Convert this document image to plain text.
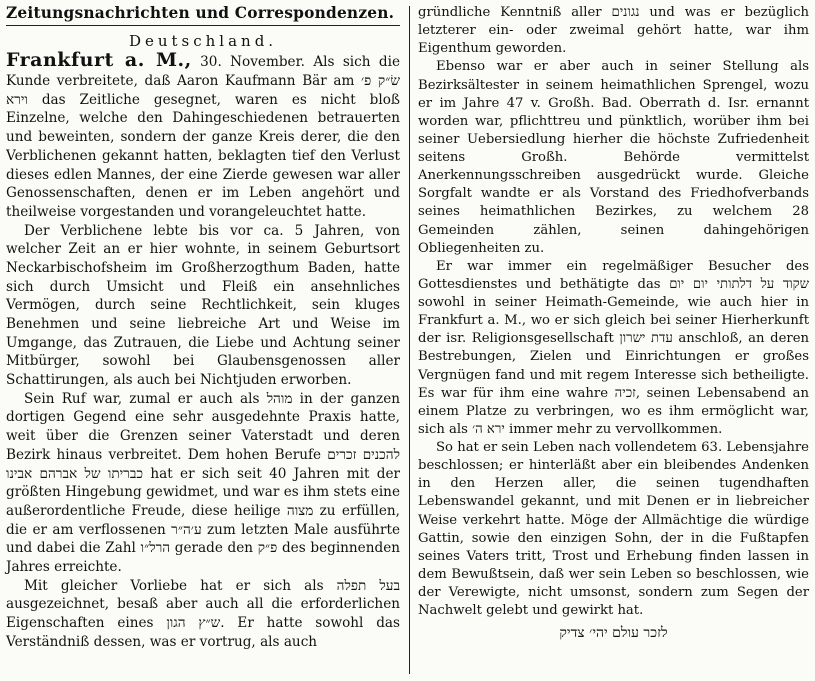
Zeitungsnachrichten und Correspondenzen.
Deutschland.

Frankfurt a. M., 30. November. Als sich die Kunde verbreitete, daß Aaron Kaufmann Bär am שׂ״ק פ׳ וירא das Zeitliche gesegnet, waren es nicht bloß Einzelne, welche den Dahingeschiedenen betrauerten und beweinten, sondern der ganze Kreis derer, die den Verblichenen gekannt hatten, beklagten tief den Verlust dieses edlen Mannes, der eine Zierde gewesen war aller Genossenschaften, denen er im Leben angehört und theilweise vorgestanden und vorangeleuchtet hatte.

Der Verblichene lebte bis vor ca. 5 Jahren, von welcher Zeit an er hier wohnte, in seinem Geburtsort Neckarbischofsheim im Großherzogthum Baden, hatte sich durch Umsicht und Fleiß ein ansehnliches Vermögen, durch seine Rechtlichkeit, sein kluges Benehmen und seine liebreiche Art und Weise im Umgange, das Zutrauen, die Liebe und Achtung seiner Mitbürger, sowohl bei Glaubensgenossen aller Schattirungen, als auch bei Nichtjuden erworben.

Sein Ruf war, zumal er auch als מוהל in der ganzen dortigen Gegend eine sehr ausgedehnte Praxis hatte, weit über die Grenzen seiner Vaterstadt und deren Bezirk hinaus verbreitet. Dem hohen Berufe להכנים זכרים כבריתו של אברהם אבינו hat er sich seit 40 Jahren mit der größten Hingebung gewidmet, und war es ihm stets eine außerordentliche Freude, diese heilige מצוה zu erfüllen, die er am verflossenen ע׳ה״ר zum letzten Male ausführte und dabei die Zahl הרל״ו gerade den פ״ק des beginnenden Jahres erreichte.

Mit gleicher Vorliebe hat er sich als בעל תפלה ausgezeichnet, besaß aber auch all die erforderlichen Eigenschaften eines ש״ץ הגון. Er hatte sowohl das Verständniß dessen, was er vortrug, als auch

gründliche Kenntniß aller נגונים und was er bezüglich letzterer ein- oder zweimal gehört hatte, war ihm Eigenthum geworden.

Ebenso war er aber auch in seiner Stellung als Bezirksältester in seinem heimathlichen Sprengel, wozu er im Jahre 47 v. Großh. Bad. Oberrath d. Isr. ernannt worden war, pflichttreu und pünktlich, worüber ihm bei seiner Uebersiedlung hierher die höchste Zufriedenheit seitens Großh. Behörde vermittelst Anerkennungsschreiben ausgedrückt wurde. Gleiche Sorgfalt wandte er als Vorstand des Friedhofverbands seines heimathlichen Bezirkes, zu welchem 28 Gemeinden zählen, seinen dahingehörigen Obliegenheiten zu.

Er war immer ein regelmäßiger Besucher des Gottesdienstes und bethätigte das שקוד על דלתותי יום יום sowohl in seiner Heimath-Gemeinde, wie auch hier in Frankfurt a. M., wo er sich gleich bei seiner Hierherkunft der isr. Religionsgesellschaft עדת ישרון anschloß, an deren Bestrebungen, Zielen und Einrichtungen er großes Vergnügen fand und mit regem Interesse sich betheiligte. Es war für ihm eine wahre זכיה, seinen Lebensabend an einem Platze zu verbringen, wo es ihm ermöglicht war, sich als ירא ה׳ immer mehr zu vervollkommen.

So hat er sein Leben nach vollendetem 63. Lebensjahre beschlossen; er hinterläßt aber ein bleibendes Andenken in den Herzen aller, die seinen tugendhaften Lebenswandel gekannt, und mit Denen er in liebreicher Weise verkehrt hatte. Möge der Allmächtige die würdige Gattin, sowie den einzigen Sohn, der in die Fußtapfen seines Vaters tritt, Trost und Erhebung finden lassen in dem Bewußtsein, daß wer sein Leben so beschlossen, wie der Verewigte, nicht umsonst, sondern zum Segen der Nachwelt gelebt und gewirkt hat.

לזכר עולם יהי׳ צדיק
